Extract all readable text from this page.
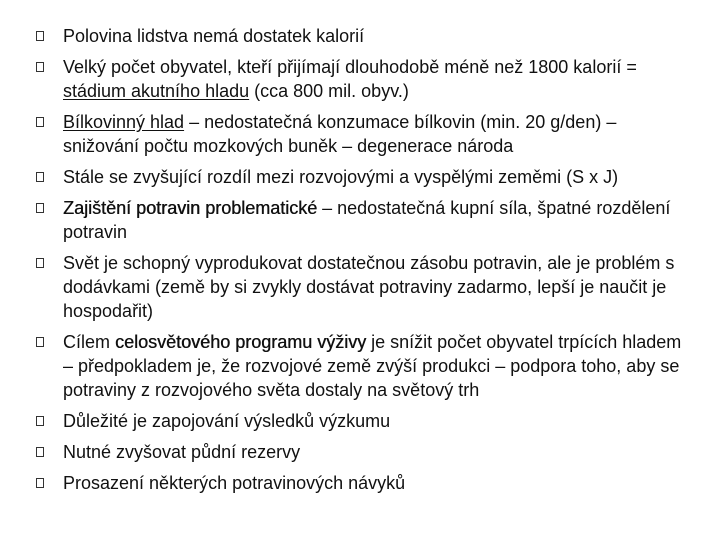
Polovina lidstva nemá dostatek kalorií
Velký počet obyvatel, kteří přijímají dlouhodobě méně než 1800 kalorií = stádium akutního hladu (cca 800 mil. obyv.)
Bílkovinný hlad – nedostatečná konzumace bílkovin (min. 20 g/den) – snižování počtu mozkových buněk – degenerace národa
Stále se zvyšující rozdíl mezi rozvojovými a vyspělými zeměmi (S x J)
Zajištění potravin problematické – nedostatečná kupní síla, špatné rozdělení potravin
Svět je schopný vyprodukovat dostatečnou zásobu potravin, ale je problém s dodávkami (země by si zvykly dostávat potraviny zadarmo, lepší je naučit je hospodařit)
Cílem celosvětového programu výživy je snížit počet obyvatel trpících hladem – předpokladem je, že rozvojové země zvýší produkci – podpora toho, aby se potraviny z rozvojového světa dostaly na světový trh
Důležité je zapojování výsledků výzkumu
Nutné zvyšovat půdní rezervy
Prosazení některých potravinových návyků
